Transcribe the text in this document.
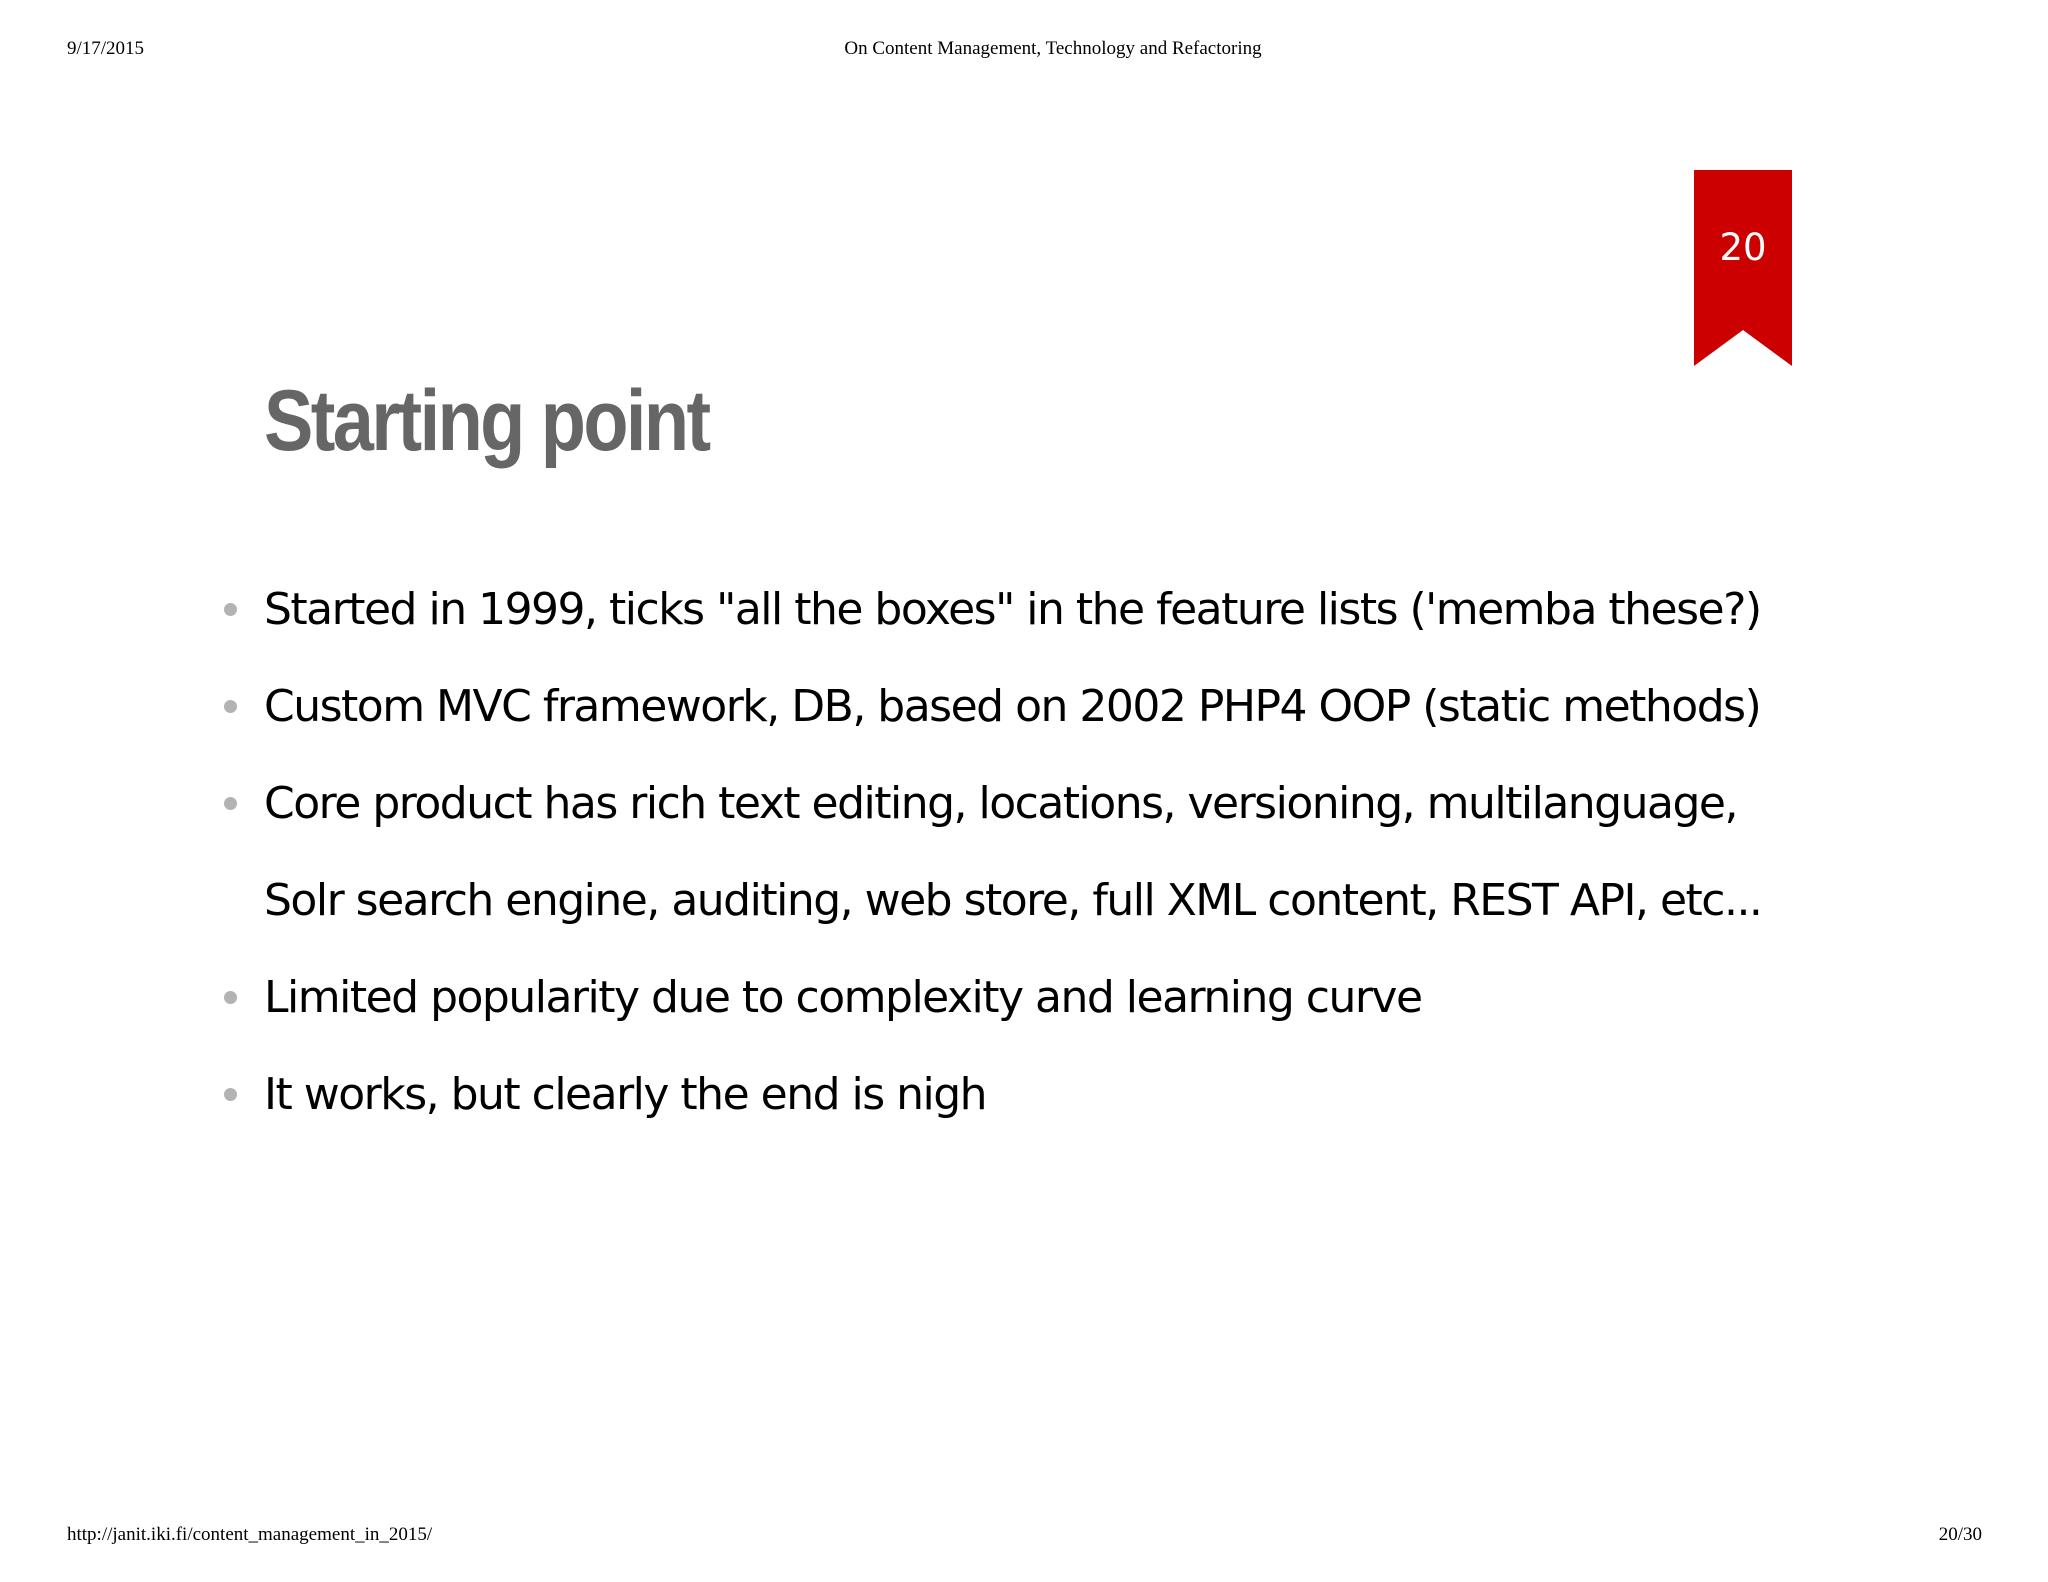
9/17/2015	On Content Management, Technology and Refactoring
20
Starting point
Started in 1999, ticks "all the boxes" in the feature lists ('memba these?)
Custom MVC framework, DB, based on 2002 PHP4 OOP (static methods)
Core product has rich text editing, locations, versioning, multilanguage, Solr search engine, auditing, web store, full XML content, REST API, etc...
Limited popularity due to complexity and learning curve
It works, but clearly the end is nigh
http://janit.iki.fi/content_management_in_2015/	20/30
